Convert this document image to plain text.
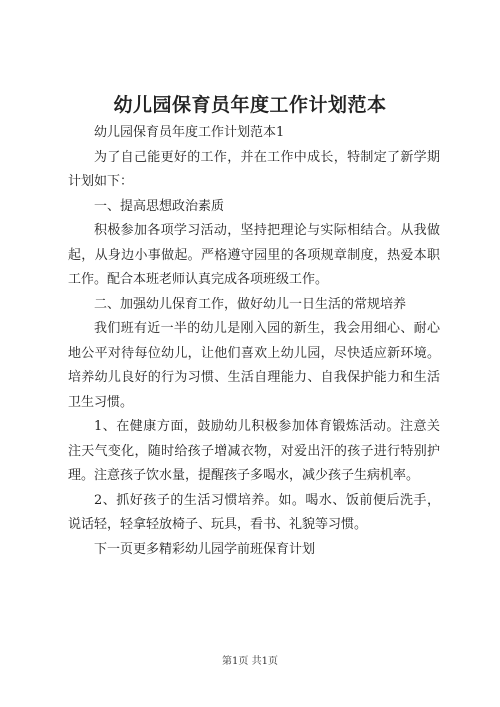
幼儿园保育员年度工作计划范本

幼儿园保育员年度工作计划范本1

为了自己能更好的工作，并在工作中成长，特制定了新学期计划如下：

一、提高思想政治素质

积极参加各项学习活动，坚持把理论与实际相结合。从我做起，从身边小事做起。严格遵守园里的各项规章制度，热爱本职工作。配合本班老师认真完成各项班级工作。

二、加强幼儿保育工作，做好幼儿一日生活的常规培养

我们班有近一半的幼儿是刚入园的新生，我会用细心、耐心地公平对待每位幼儿，让他们喜欢上幼儿园，尽快适应新环境。培养幼儿良好的行为习惯、生活自理能力、自我保护能力和生活卫生习惯。

1、在健康方面，鼓励幼儿积极参加体育锻炼活动。注意关注天气变化，随时给孩子增减衣物，对爱出汗的孩子进行特别护理。注意孩子饮水量，提醒孩子多喝水，减少孩子生病机率。

2、抓好孩子的生活习惯培养。如。喝水、饭前便后洗手，说话轻，轻拿轻放椅子、玩具，看书、礼貌等习惯。

下一页更多精彩幼儿园学前班保育计划

第1页 共1页
